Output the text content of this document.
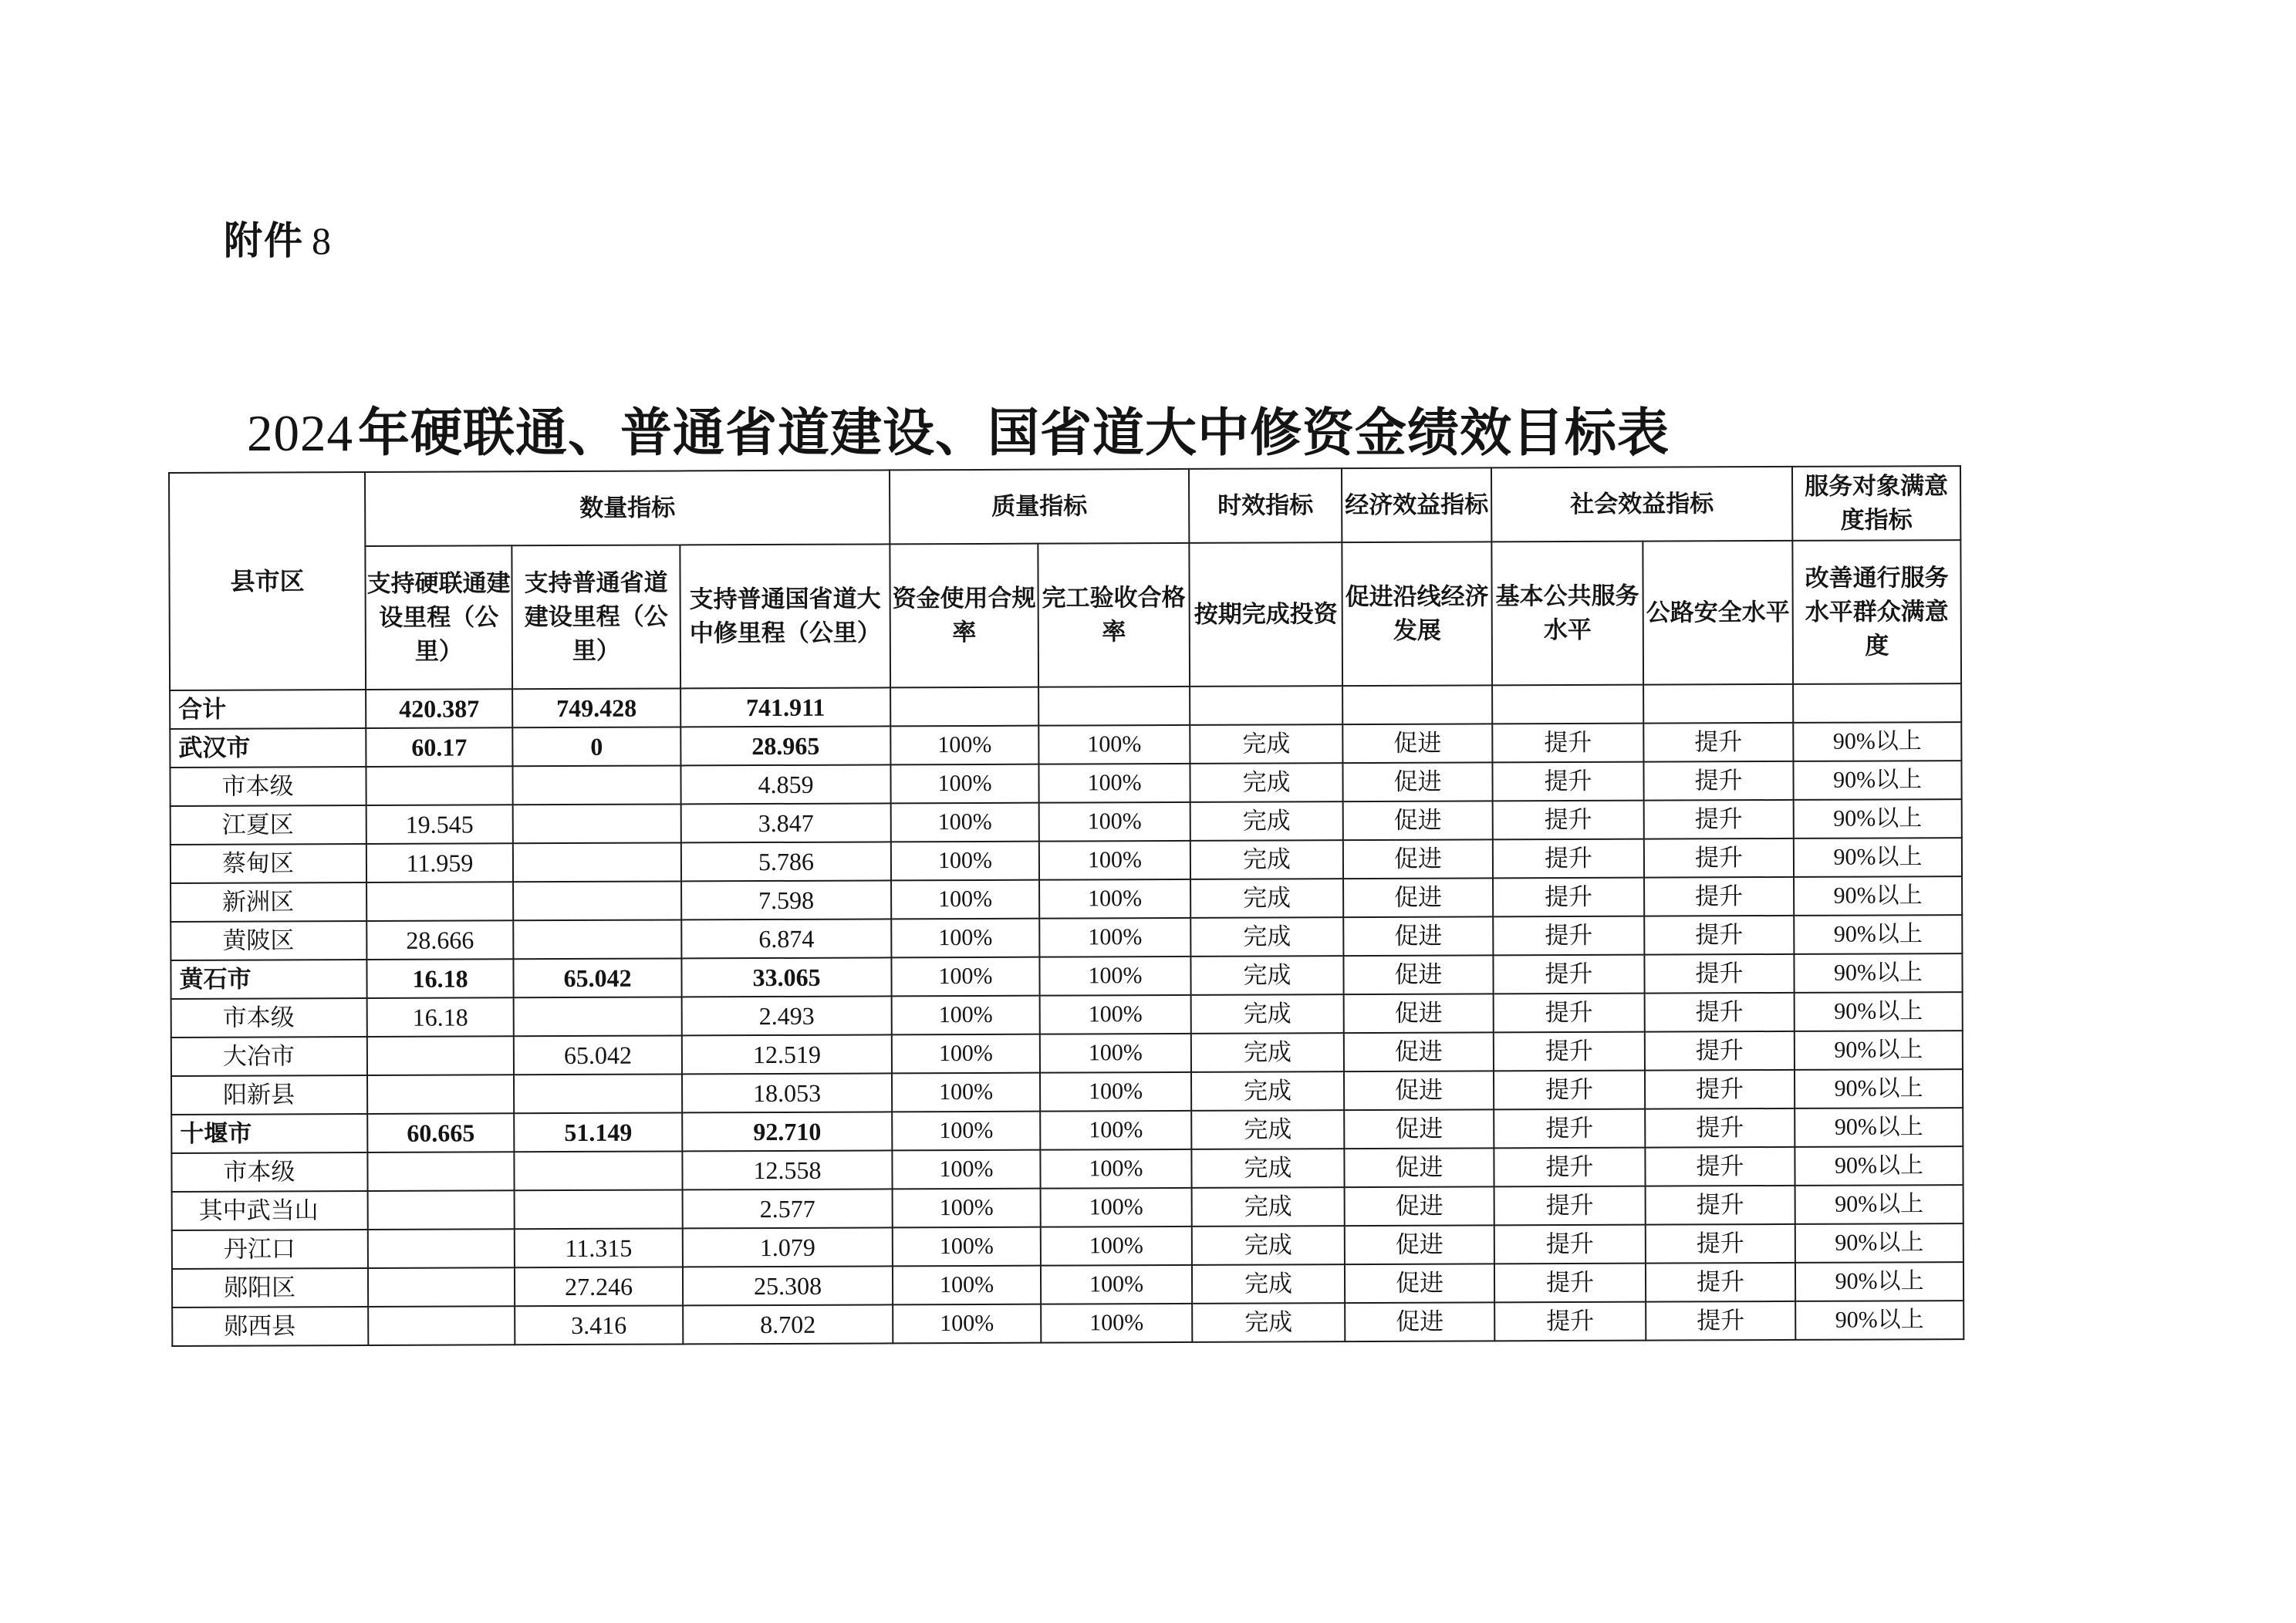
附件 8
2024年硬联通、普通省道建设、国省道大中修资金绩效目标表
县市区	数量指标			质量指标		时效指标	经济效益指标	社会效益指标		服务对象满意度指标
	支持硬联通建设里程（公里）	支持普通省道建设里程（公里）	支持普通国省道大中修里程（公里）	资金使用合规率	完工验收合格率	按期完成投资	促进沿线经济发展	基本公共服务水平	公路安全水平	改善通行服务水平群众满意度
合计	420.387	749.428	741.911							
武汉市	60.17	0	28.965	100%	100%	完成	促进	提升	提升	90%以上
市本级			4.859	100%	100%	完成	促进	提升	提升	90%以上
江夏区	19.545		3.847	100%	100%	完成	促进	提升	提升	90%以上
蔡甸区	11.959		5.786	100%	100%	完成	促进	提升	提升	90%以上
新洲区			7.598	100%	100%	完成	促进	提升	提升	90%以上
黄陂区	28.666		6.874	100%	100%	完成	促进	提升	提升	90%以上
黄石市	16.18	65.042	33.065	100%	100%	完成	促进	提升	提升	90%以上
市本级	16.18		2.493	100%	100%	完成	促进	提升	提升	90%以上
大冶市		65.042	12.519	100%	100%	完成	促进	提升	提升	90%以上
阳新县			18.053	100%	100%	完成	促进	提升	提升	90%以上
十堰市	60.665	51.149	92.710	100%	100%	完成	促进	提升	提升	90%以上
市本级			12.558	100%	100%	完成	促进	提升	提升	90%以上
其中武当山			2.577	100%	100%	完成	促进	提升	提升	90%以上
丹江口		11.315	1.079	100%	100%	完成	促进	提升	提升	90%以上
郧阳区		27.246	25.308	100%	100%	完成	促进	提升	提升	90%以上
郧西县		3.416	8.702	100%	100%	完成	促进	提升	提升	90%以上
